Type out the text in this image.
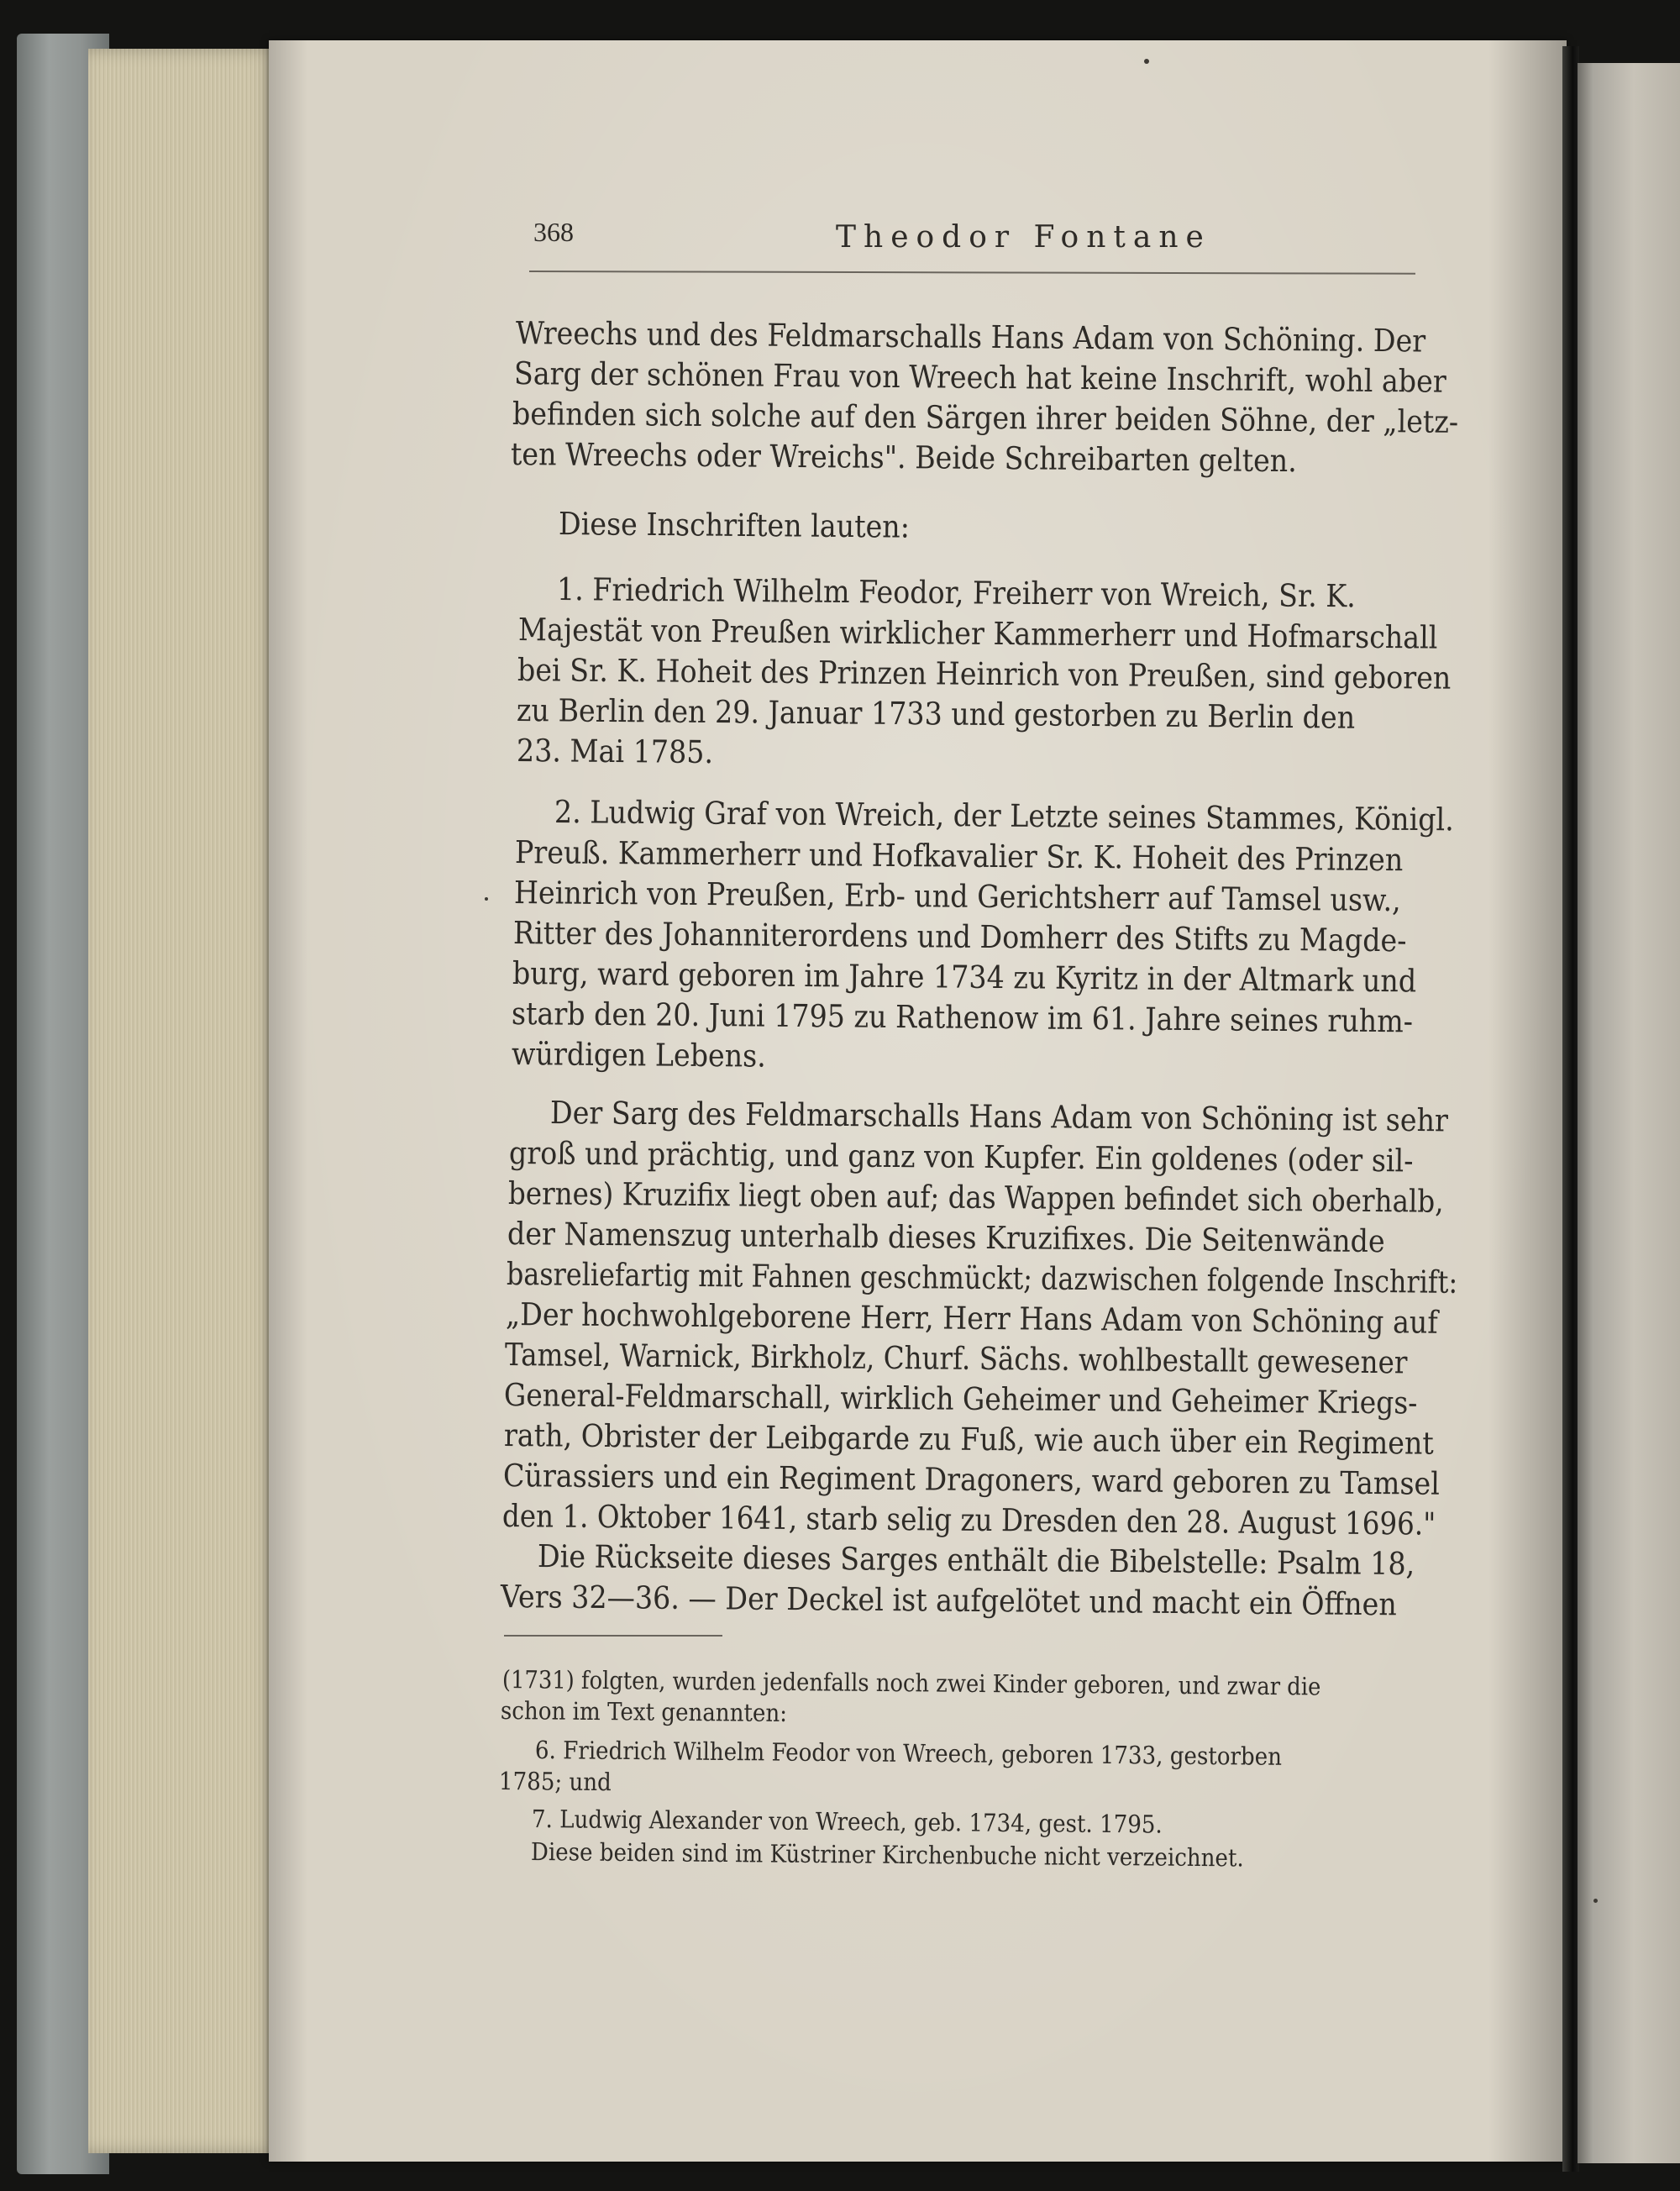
368	Theodor Fontane
Wreechs und des Feldmarschalls Hans Adam von Schöning. Der
Sarg der schönen Frau von Wreech hat keine Inschrift, wohl aber
befinden sich solche auf den Särgen ihrer beiden Söhne, der „letz-
ten Wreechs oder Wreichs". Beide Schreibarten gelten.
Diese Inschriften lauten:
1. Friedrich Wilhelm Feodor, Freiherr von Wreich, Sr. K.
Majestät von Preußen wirklicher Kammerherr und Hofmarschall
bei Sr. K. Hoheit des Prinzen Heinrich von Preußen, sind geboren
zu Berlin den 29. Januar 1733 und gestorben zu Berlin den
23. Mai 1785.
2. Ludwig Graf von Wreich, der Letzte seines Stammes, Königl.
Preuß. Kammerherr und Hofkavalier Sr. K. Hoheit des Prinzen
Heinrich von Preußen, Erb- und Gerichtsherr auf Tamsel usw.,
Ritter des Johanniterordens und Domherr des Stifts zu Magde-
burg, ward geboren im Jahre 1734 zu Kyritz in der Altmark und
starb den 20. Juni 1795 zu Rathenow im 61. Jahre seines ruhm-
würdigen Lebens.
Der Sarg des Feldmarschalls Hans Adam von Schöning ist sehr
groß und prächtig, und ganz von Kupfer. Ein goldenes (oder sil-
bernes) Kruzifix liegt oben auf; das Wappen befindet sich oberhalb,
der Namenszug unterhalb dieses Kruzifixes. Die Seitenwände
basreliefartig mit Fahnen geschmückt; dazwischen folgende Inschrift:
„Der hochwohlgeborene Herr, Herr Hans Adam von Schöning auf
Tamsel, Warnick, Birkholz, Churf. Sächs. wohlbestallt gewesener
General-Feldmarschall, wirklich Geheimer und Geheimer Kriegs-
rath, Obrister der Leibgarde zu Fuß, wie auch über ein Regiment
Cürassiers und ein Regiment Dragoners, ward geboren zu Tamsel
den 1. Oktober 1641, starb selig zu Dresden den 28. August 1696."
Die Rückseite dieses Sarges enthält die Bibelstelle: Psalm 18,
Vers 32—36. — Der Deckel ist aufgelötet und macht ein Öffnen
(1731) folgten, wurden jedenfalls noch zwei Kinder geboren, und zwar die
schon im Text genannten:
6. Friedrich Wilhelm Feodor von Wreech, geboren 1733, gestorben
1785; und
7. Ludwig Alexander von Wreech, geb. 1734, gest. 1795.
Diese beiden sind im Küstriner Kirchenbuche nicht verzeichnet.
